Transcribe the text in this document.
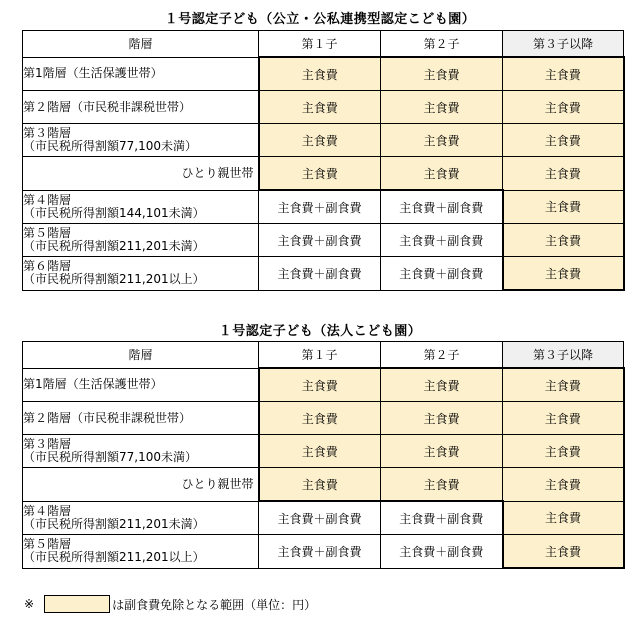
１号認定子ども（公立・公私連携型認定こども園）
階層	第１子	第２子	第３子以降

第1階層（生活保護世帯）	主食費	主食費	主食費

第２階層（市民税非課税世帯）	主食費	主食費	主食費

第３階層
（市民税所得割額77,100未満）	主食費	主食費	主食費

ひとり親世帯	主食費	主食費	主食費

第４階層
（市民税所得割額144,101未満）	主食費＋副食費	主食費＋副食費	主食費

第５階層
（市民税所得割額211,201未満）	主食費＋副食費	主食費＋副食費	主食費

第６階層
（市民税所得割額211,201以上）	主食費＋副食費	主食費＋副食費	主食費
１号認定子ども（法人こども園）
階層	第１子	第２子	第３子以降

第1階層（生活保護世帯）	主食費	主食費	主食費

第２階層（市民税非課税世帯）	主食費	主食費	主食費

第３階層
（市民税所得割額77,100未満）	主食費	主食費	主食費

ひとり親世帯	主食費	主食費	主食費

第４階層
（市民税所得割額211,201未満）	主食費＋副食費	主食費＋副食費	主食費

第５階層
（市民税所得割額211,201以上）	主食費＋副食費	主食費＋副食費	主食費
※	は副食費免除となる範囲（単位：円）
